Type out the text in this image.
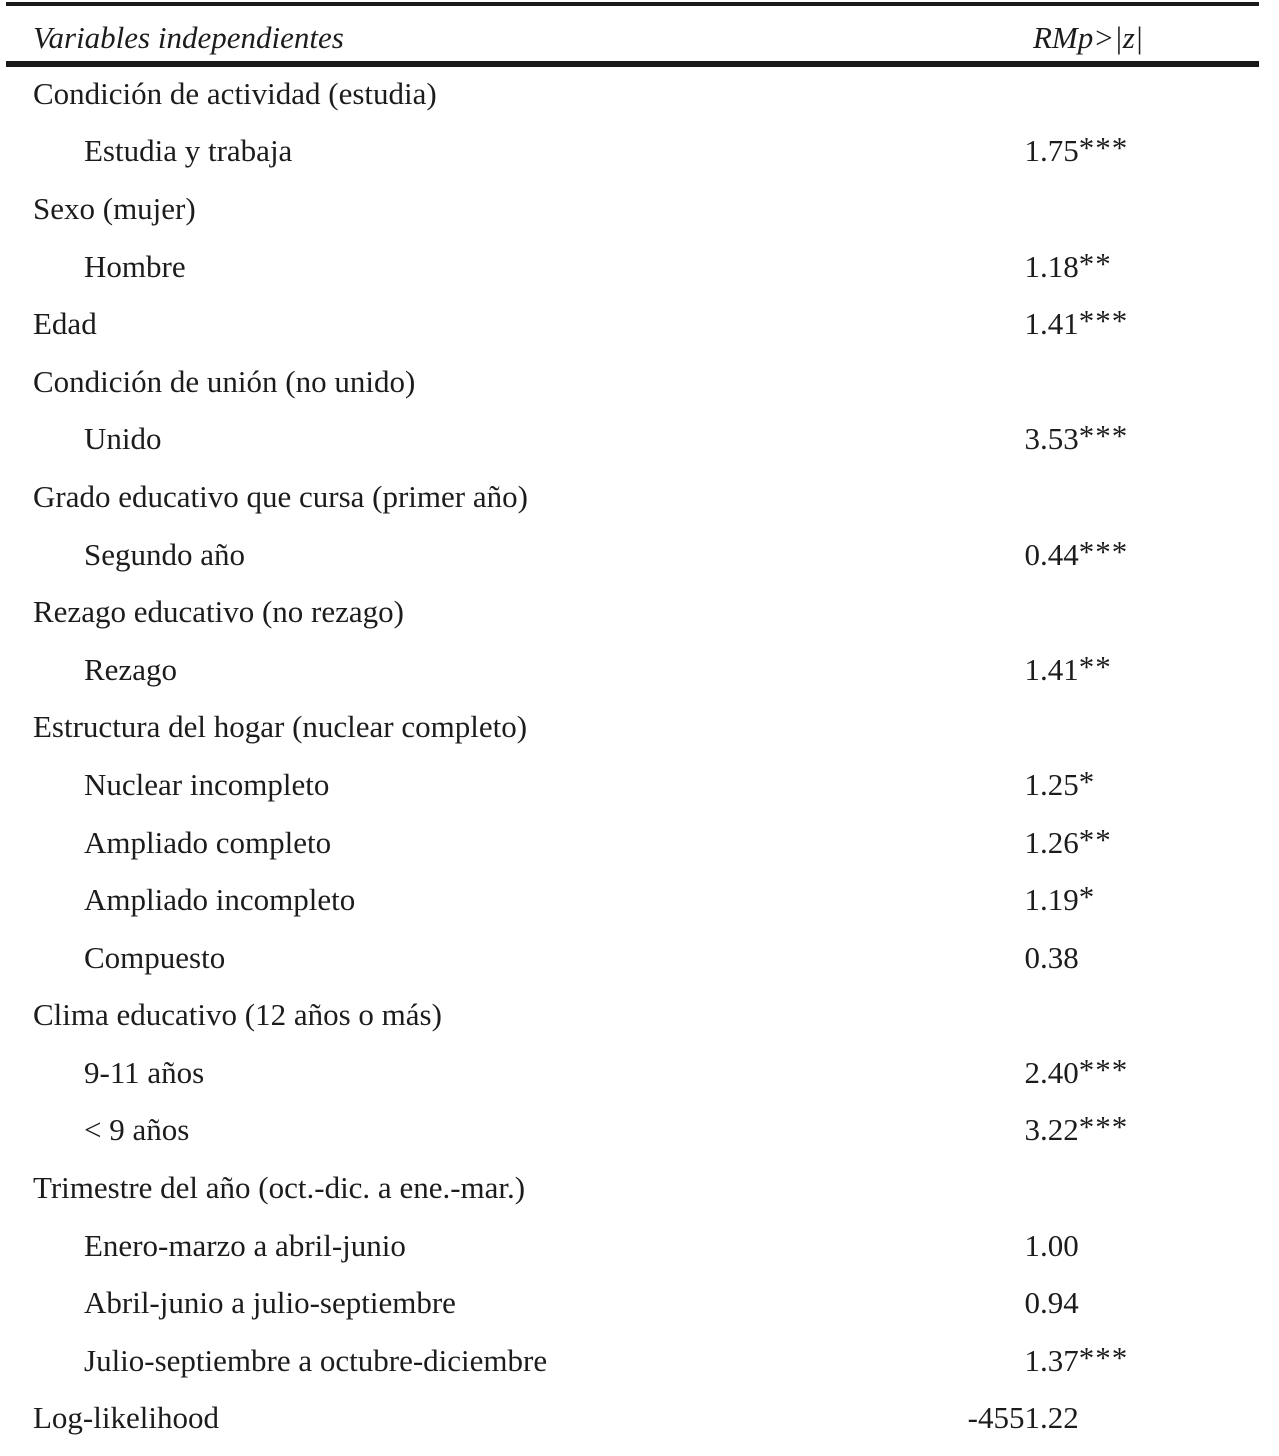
Variables independientes	RMp>|z|
Condición de actividad (estudia)
Estudia y trabaja	1.75***
Sexo (mujer)
Hombre	1.18**
Edad	1.41***
Condición de unión (no unido)
Unido	3.53***
Grado educativo que cursa (primer año)
Segundo año	0.44***
Rezago educativo (no rezago)
Rezago	1.41**
Estructura del hogar (nuclear completo)
Nuclear incompleto	1.25*
Ampliado completo	1.26**
Ampliado incompleto	1.19*
Compuesto	0.38
Clima educativo (12 años o más)
9-11 años	2.40***
< 9 años	3.22***
Trimestre del año (oct.-dic. a ene.-mar.)
Enero-marzo a abril-junio	1.00
Abril-junio a julio-septiembre	0.94
Julio-septiembre a octubre-diciembre	1.37***
Log-likelihood	-4551.22
